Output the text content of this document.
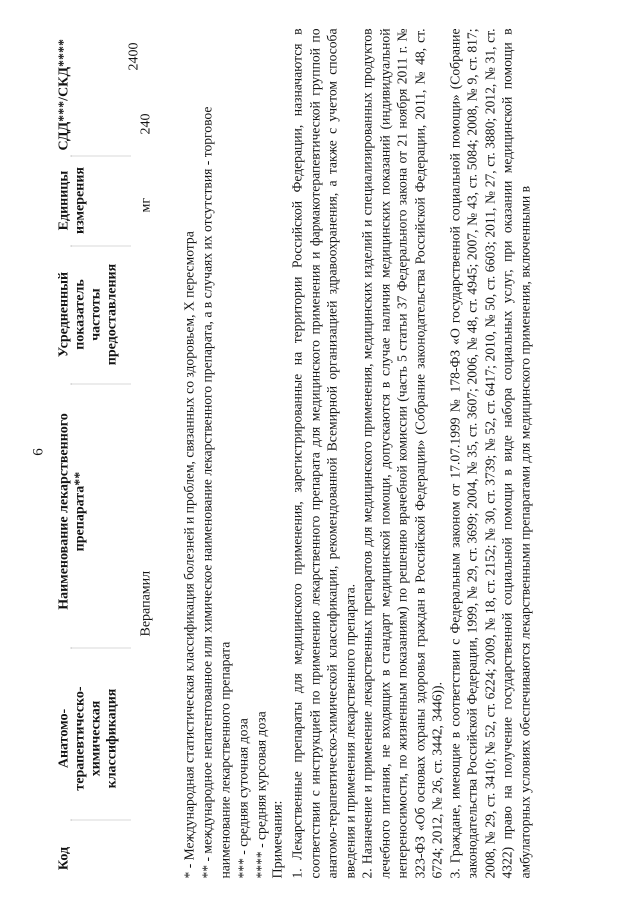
6
Код
Анатомо-
терапевтическо-
химическая
классификация
Наименование лекарственного
препарата**
Усредненный
показатель
частоты
предоставления
Единицы
измерения
СДД***/СКД****
Верапамил
мг
240
2400

* - Международная статистическая классификация болезней и проблем, связанных со здоровьем, X пересмотра ** - международное непатентованное или химическое наименование лекарственного препарата, а в случаях их отсутствия - торговое наименование лекарственного препарата *** - средняя суточная доза **** - средняя курсовая доза Примечания: 1. Лекарственные препараты для медицинского применения, зарегистрированные на территории Российской Федерации, назначаются в соответствии с инструкцией по применению лекарственного препарата для медицинского применения и фармакотерапевтической группой по анатомо-терапевтическо-химической классификации, рекомендованной Всемирной организацией здравоохранения, а также с учетом способа введения и применения лекарственного препарата. 2. Назначение и применение лекарственных препаратов для медицинского применения, медицинских изделий и специализированных продуктов лечебного питания, не входящих в стандарт медицинской помощи, допускаются в случае наличия медицинских показаний (индивидуальной непереносимости, по жизненным показаниям) по решению врачебной комиссии (часть 5 статьи 37 Федерального закона от 21 ноября 2011 г. № 323-ФЗ «Об основах охраны здоровья граждан в Российской Федерации» (Собрание законодательства Российской Федерации, 2011, № 48, ст. 6724; 2012, № 26, ст. 3442, 3446)). 3. Граждане, имеющие в соответствии с Федеральным законом от 17.07.1999 № 178-ФЗ «О государственной социальной помощи» (Собрание законодательства Российской Федерации, 1999, № 29, ст. 3699; 2004, № 35, ст. 3607; 2006, № 48, ст. 4945; 2007, № 43, ст. 5084; 2008, № 9, ст. 817; 2008, № 29, ст. 3410; № 52, ст. 6224; 2009, № 18, ст. 2152; № 30, ст. 3739; № 52, ст. 6417; 2010, № 50, ст. 6603; 2011, № 27, ст. 3880; 2012, № 31, ст. 4322) право на получение государственной социальной помощи в виде набора социальных услуг, при оказании медицинской помощи в амбулаторных условиях обеспечиваются лекарственными препаратами для медицинского применения, включенными в
